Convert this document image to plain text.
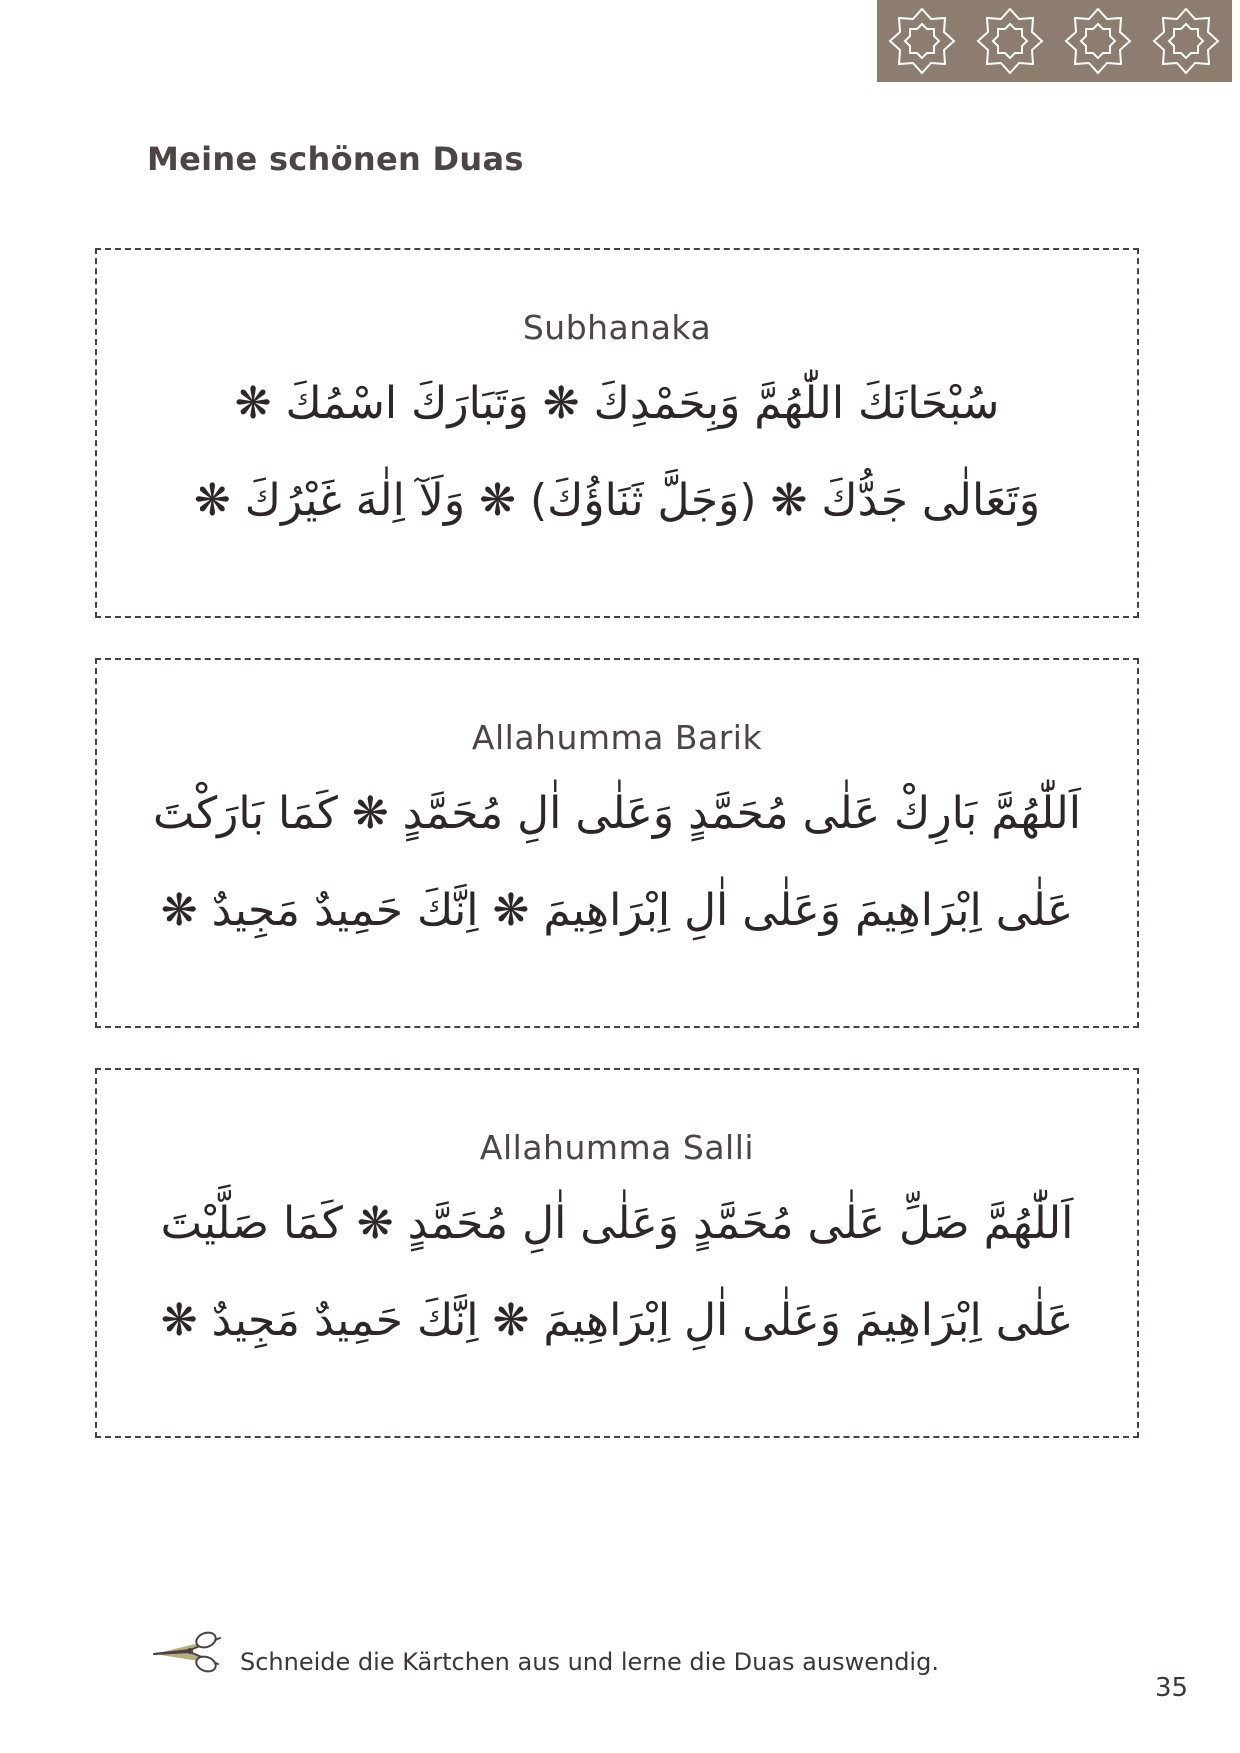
Meine schönen Duas
Subhanaka
سُبْحَانَكَ اللّٰهُمَّ وَبِحَمْدِكَ ❋ وَتَبَارَكَ اسْمُكَ ❋
وَتَعَالٰى جَدُّكَ ❋ (وَجَلَّ ثَنَاؤُكَ) ❋ وَلَآ اِلٰهَ غَيْرُكَ ❋
Allahumma Barik
اَللّٰهُمَّ بَارِكْ عَلٰى مُحَمَّدٍ وَعَلٰى اٰلِ مُحَمَّدٍ ❋ كَمَا بَارَكْتَ
عَلٰى اِبْرَاهِيمَ وَعَلٰى اٰلِ اِبْرَاهِيمَ ❋ اِنَّكَ حَمِيدٌ مَجِيدٌ ❋
Allahumma Salli
اَللّٰهُمَّ صَلِّ عَلٰى مُحَمَّدٍ وَعَلٰى اٰلِ مُحَمَّدٍ ❋ كَمَا صَلَّيْتَ
عَلٰى اِبْرَاهِيمَ وَعَلٰى اٰلِ اِبْرَاهِيمَ ❋ اِنَّكَ حَمِيدٌ مَجِيدٌ ❋
Schneide die Kärtchen aus und lerne die Duas auswendig.
35
